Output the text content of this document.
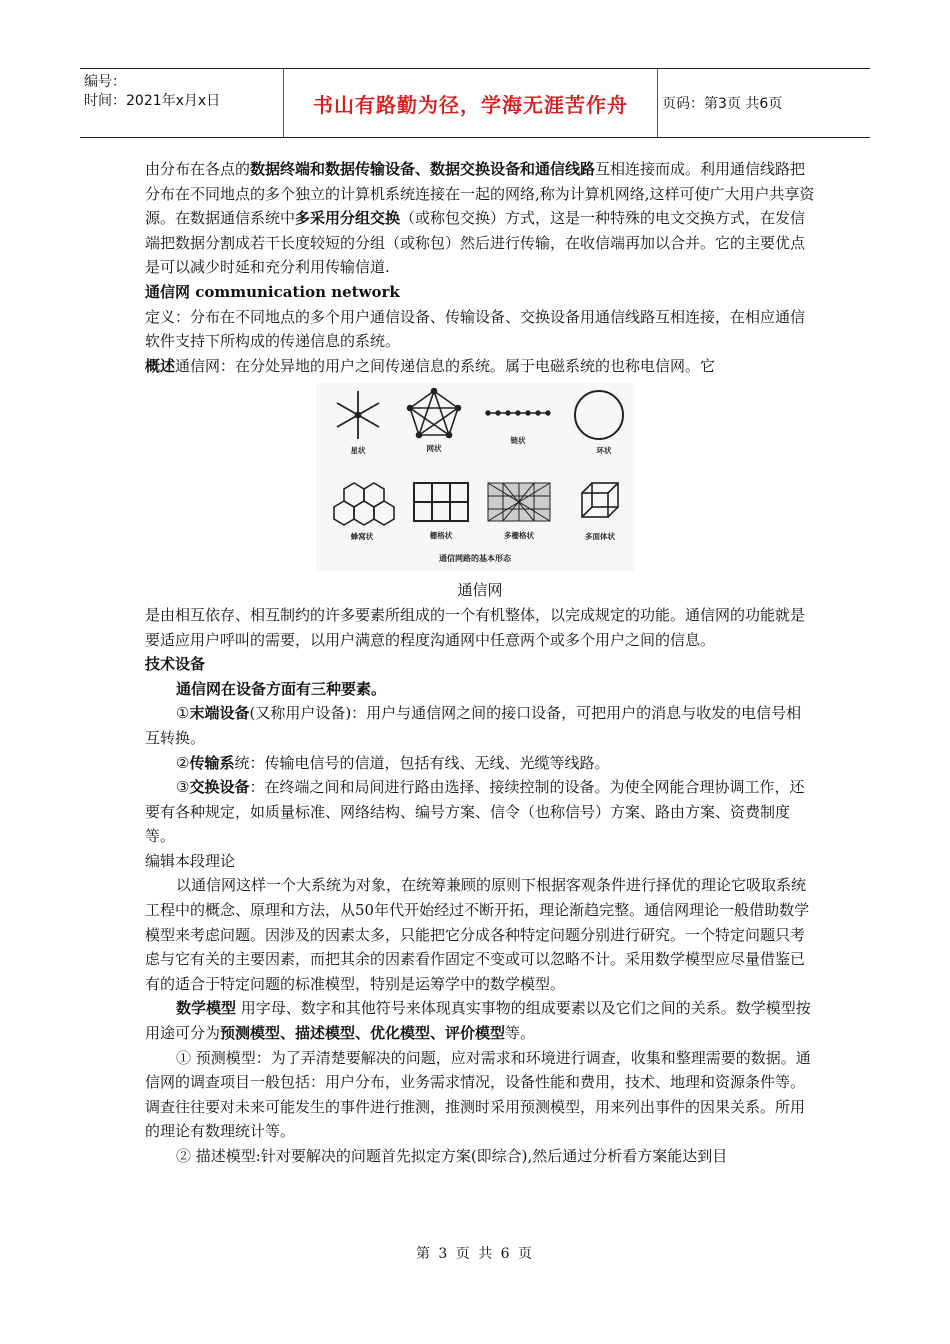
编号：
时间：2021年x月x日	书山有路勤为径，学海无涯苦作舟	页码：第3页 共6页

由分布在各点的数据终端和数据传输设备、数据交换设备和通信线路互相连接而成。利用通信线路把分布在不同地点的多个独立的计算机系统连接在一起的网络,称为计算机网络,这样可使广大用户共享资源。在数据通信系统中多采用分组交换（或称包交换）方式，这是一种特殊的电文交换方式，在发信端把数据分割成若干长度较短的分组（或称包）然后进行传输，在收信端再加以合并。它的主要优点是可以减少时延和充分利用传输信道.

通信网 communication network

定义：分布在不同地点的多个用户通信设备、传输设备、交换设备用通信线路互相连接，在相应通信软件支持下所构成的传递信息的系统。

概述通信网：在分处异地的用户之间传递信息的系统。属于电磁系统的也称电信网。它

星状	网状
链状
环状
蜂窝状	栅格状	多栅格状	多面体状
通信网路的基本形态

通信网

是由相互依存、相互制约的许多要素所组成的一个有机整体，以完成规定的功能。通信网的功能就是要适应用户呼叫的需要，以用户满意的程度沟通网中任意两个或多个用户之间的信息。

技术设备

通信网在设备方面有三种要素。

①末端设备(又称用户设备)：用户与通信网之间的接口设备，可把用户的消息与收发的电信号相互转换。

②传输系统：传输电信号的信道，包括有线、无线、光缆等线路。

③交换设备：在终端之间和局间进行路由选择、接续控制的设备。为使全网能合理协调工作，还要有各种规定，如质量标准、网络结构、编号方案、信令（也称信号）方案、路由方案、资费制度等。

编辑本段理论

以通信网这样一个大系统为对象，在统筹兼顾的原则下根据客观条件进行择优的理论它吸取系统工程中的概念、原理和方法，从50年代开始经过不断开拓，理论渐趋完整。通信网理论一般借助数学模型来考虑问题。因涉及的因素太多，只能把它分成各种特定问题分别进行研究。一个特定问题只考虑与它有关的主要因素，而把其余的因素看作固定不变或可以忽略不计。采用数学模型应尽量借鉴已有的适合于特定问题的标准模型，特别是运筹学中的数学模型。

数学模型 用字母、数字和其他符号来体现真实事物的组成要素以及它们之间的关系。数学模型按用途可分为预测模型、描述模型、优化模型、评价模型等。

① 预测模型：为了弄清楚要解决的问题，应对需求和环境进行调查，收集和整理需要的数据。通信网的调查项目一般包括：用户分布，业务需求情况，设备性能和费用，技术、地理和资源条件等。调查往往要对未来可能发生的事件进行推测，推测时采用预测模型，用来列出事件的因果关系。所用的理论有数理统计等。

② 描述模型:针对要解决的问题首先拟定方案(即综合),然后通过分析看方案能达到目

第 3 页 共 6 页
